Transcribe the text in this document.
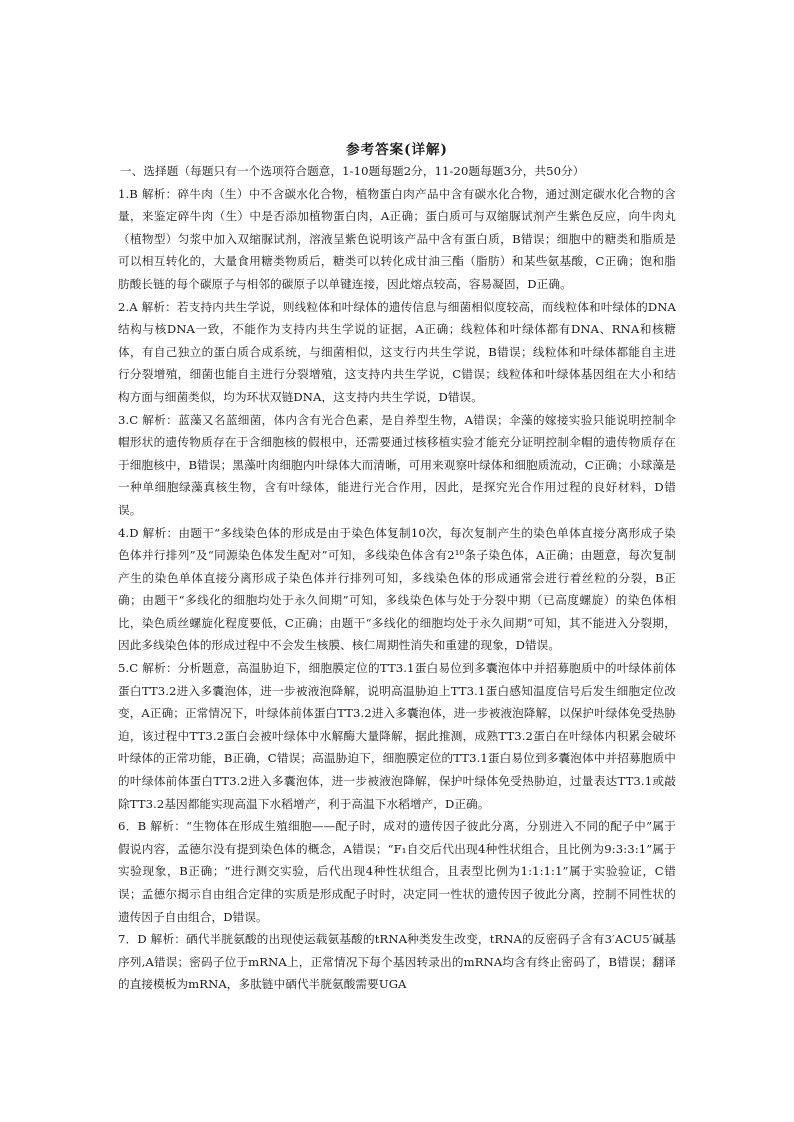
参考答案(详解)

一、选择题（每题只有一个选项符合题意，1-10题每题2分，11-20题每题3分，共50分）

1.B 解析：碎牛肉（生）中不含碳水化合物，植物蛋白肉产品中含有碳水化合物，通过测定碳水化合物的含量，来鉴定碎牛肉（生）中是否添加植物蛋白肉，A正确；蛋白质可与双缩脲试剂产生紫色反应，向牛肉丸（植物型）匀浆中加入双缩脲试剂，溶液呈紫色说明该产品中含有蛋白质，B错误；细胞中的糖类和脂质是可以相互转化的，大量食用糖类物质后，糖类可以转化成甘油三酯（脂肪）和某些氨基酸，C正确；饱和脂肪酸长链的每个碳原子与相邻的碳原子以单键连接，因此熔点较高，容易凝固，D正确。

2.A 解析：若支持内共生学说，则线粒体和叶绿体的遗传信息与细菌相似度较高，而线粒体和叶绿体的DNA结构与核DNA一致，不能作为支持内共生学说的证据，A正确；线粒体和叶绿体都有DNA、RNA和核糖体，有自己独立的蛋白质合成系统，与细菌相似，这支行内共生学说，B错误；线粒体和叶绿体都能自主进行分裂增殖，细菌也能自主进行分裂增殖，这支持内共生学说，C错误；线粒体和叶绿体基因组在大小和结构方面与细菌类似，均为环状双链DNA，这支持内共生学说，D错误。

3.C 解析：蓝藻又名蓝细菌，体内含有光合色素，是自养型生物，A错误；伞藻的嫁接实验只能说明控制伞帽形状的遗传物质存在于含细胞核的假根中，还需要通过核移植实验才能充分证明控制伞帽的遗传物质存在于细胞核中，B错误；黑藻叶肉细胞内叶绿体大而清晰，可用来观察叶绿体和细胞质流动，C正确；小球藻是一种单细胞绿藻真核生物，含有叶绿体，能进行光合作用，因此，是探究光合作用过程的良好材料，D错误。

4.D 解析：由题干“多线染色体的形成是由于染色体复制10次，每次复制产生的染色单体直接分离形成子染色体并行排列”及“同源染色体发生配对”可知，多线染色体含有2¹⁰条子染色体，A正确；由题意，每次复制产生的染色单体直接分离形成子染色体并行排列可知，多线染色体的形成通常会进行着丝粒的分裂，B正确；由题干“多线化的细胞均处于永久间期”可知，多线染色体与处于分裂中期（已高度螺旋）的染色体相比，染色质丝螺旋化程度要低，C正确；由题干“多线化的细胞均处于永久间期”可知，其不能进入分裂期，因此多线染色体的形成过程中不会发生核膜、核仁周期性消失和重建的现象，D错误。

5.C 解析：分析题意，高温胁迫下，细胞膜定位的TT3.1蛋白易位到多囊泡体中并招募胞质中的叶绿体前体蛋白TT3.2进入多囊泡体，进一步被液泡降解，说明高温胁迫上TT3.1蛋白感知温度信号后发生细胞定位改变，A正确；正常情况下，叶绿体前体蛋白TT3.2进入多囊泡体，进一步被液泡降解，以保护叶绿体免受热胁迫，该过程中TT3.2蛋白会被叶绿体中水解酶大量降解，据此推测，成熟TT3.2蛋白在叶绿体内积累会破坏叶绿体的正常功能，B正确，C错误；高温胁迫下，细胞膜定位的TT3.1蛋白易位到多囊泡体中并招募胞质中的叶绿体前体蛋白TT3.2进入多囊泡体，进一步被液泡降解，保护叶绿体免受热胁迫，过量表达TT3.1或敲除TT3.2基因都能实现高温下水稻增产，利于高温下水稻增产，D正确。

6．B 解析：“生物体在形成生殖细胞——配子时，成对的遗传因子彼此分离，分别进入不同的配子中”属于假说内容，孟德尔没有提到染色体的概念，A错误；“F₁自交后代出现4种性状组合，且比例为9:3:3:1”属于实验现象，B正确；“进行测交实验，后代出现4种性状组合，且表型比例为1:1:1:1”属于实验验证，C错误；孟德尔揭示自由组合定律的实质是形成配子时时，决定同一性状的遗传因子彼此分离，控制不同性状的遗传因子自由组合，D错误。

7．D 解析：硒代半胱氨酸的出现使运载氨基酸的tRNA种类发生改变，tRNA的反密码子含有3′ACU5′碱基序列,A错误；密码子位于mRNA上，正常情况下每个基因转录出的mRNA均含有终止密码了，B错误；翻译的直接模板为mRNA，多肽链中硒代半胱氨酸需要UGA
